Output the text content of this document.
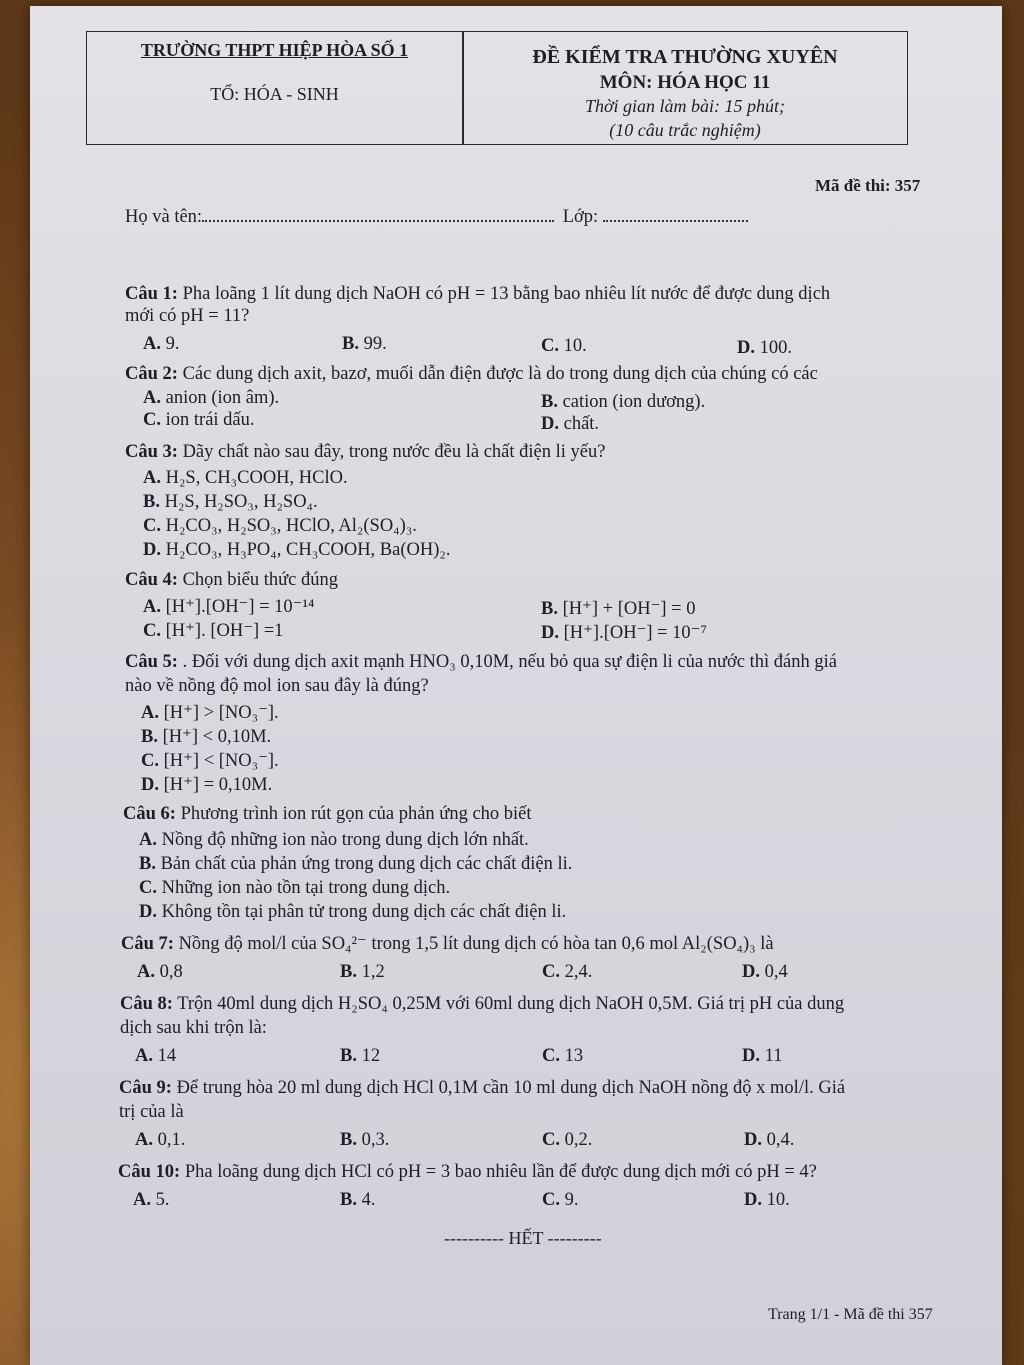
TRƯỜNG THPT HIỆP HÒA SỐ 1
TỔ: HÓA - SINH
ĐỀ KIỂM TRA THƯỜNG XUYÊN
MÔN: HÓA HỌC 11
Thời gian làm bài: 15 phút;
(10 câu trắc nghiệm)
Mã đề thi: 357
Họ và tên:	Lớp:
Câu 1: Pha loãng 1 lít dung dịch NaOH có pH = 13 bằng bao nhiêu lít nước để được dung dịch
mới có pH = 11?
A. 9.	B. 99.	C. 10.	D. 100.
Câu 2: Các dung dịch axit, bazơ, muối dẫn điện được là do trong dung dịch của chúng có các
A. anion (ion âm).	B. cation (ion dương).
C. ion trái dấu.	D. chất.
Câu 3: Dãy chất nào sau đây, trong nước đều là chất điện li yếu?
A. H₂S, CH₃COOH, HClO.
B. H₂S, H₂SO₃, H₂SO₄.
C. H₂CO₃, H₂SO₃, HClO, Al₂(SO₄)₃.
D. H₂CO₃, H₃PO₄, CH₃COOH, Ba(OH)₂.
Câu 4: Chọn biểu thức đúng
A. [H⁺].[OH⁻] = 10⁻¹⁴	B. [H⁺] + [OH⁻] = 0
C. [H⁺]. [OH⁻] =1	D. [H⁺].[OH⁻] = 10⁻⁷
Câu 5: . Đối với dung dịch axit mạnh HNO₃ 0,10M, nếu bỏ qua sự điện li của nước thì đánh giá
nào về nồng độ mol ion sau đây là đúng?
A. [H⁺] > [NO₃⁻].
B. [H⁺] < 0,10M.
C. [H⁺] < [NO₃⁻].
D. [H⁺] = 0,10M.
Câu 6: Phương trình ion rút gọn của phản ứng cho biết
A. Nồng độ những ion nào trong dung dịch lớn nhất.
B. Bản chất của phản ứng trong dung dịch các chất điện li.
C. Những ion nào tồn tại trong dung dịch.
D. Không tồn tại phân tử trong dung dịch các chất điện li.
Câu 7: Nồng độ mol/l của SO₄²⁻ trong 1,5 lít dung dịch có hòa tan 0,6 mol Al₂(SO₄)₃ là
A. 0,8	B. 1,2	C. 2,4.	D. 0,4
Câu 8: Trộn 40ml dung dịch H₂SO₄ 0,25M với 60ml dung dịch NaOH 0,5M. Giá trị pH của dung
dịch sau khi trộn là:
A. 14	B. 12	C. 13	D. 11
Câu 9: Để trung hòa 20 ml dung dịch HCl 0,1M cần 10 ml dung dịch NaOH nồng độ x mol/l. Giá
trị của là
A. 0,1.	B. 0,3.	C. 0,2.	D. 0,4.
Câu 10: Pha loãng dung dịch HCl có pH = 3 bao nhiêu lần để được dung dịch mới có pH = 4?
A. 5.	B. 4.	C. 9.	D. 10.
---------- HẾT ---------
Trang 1/1 - Mã đề thi 357
